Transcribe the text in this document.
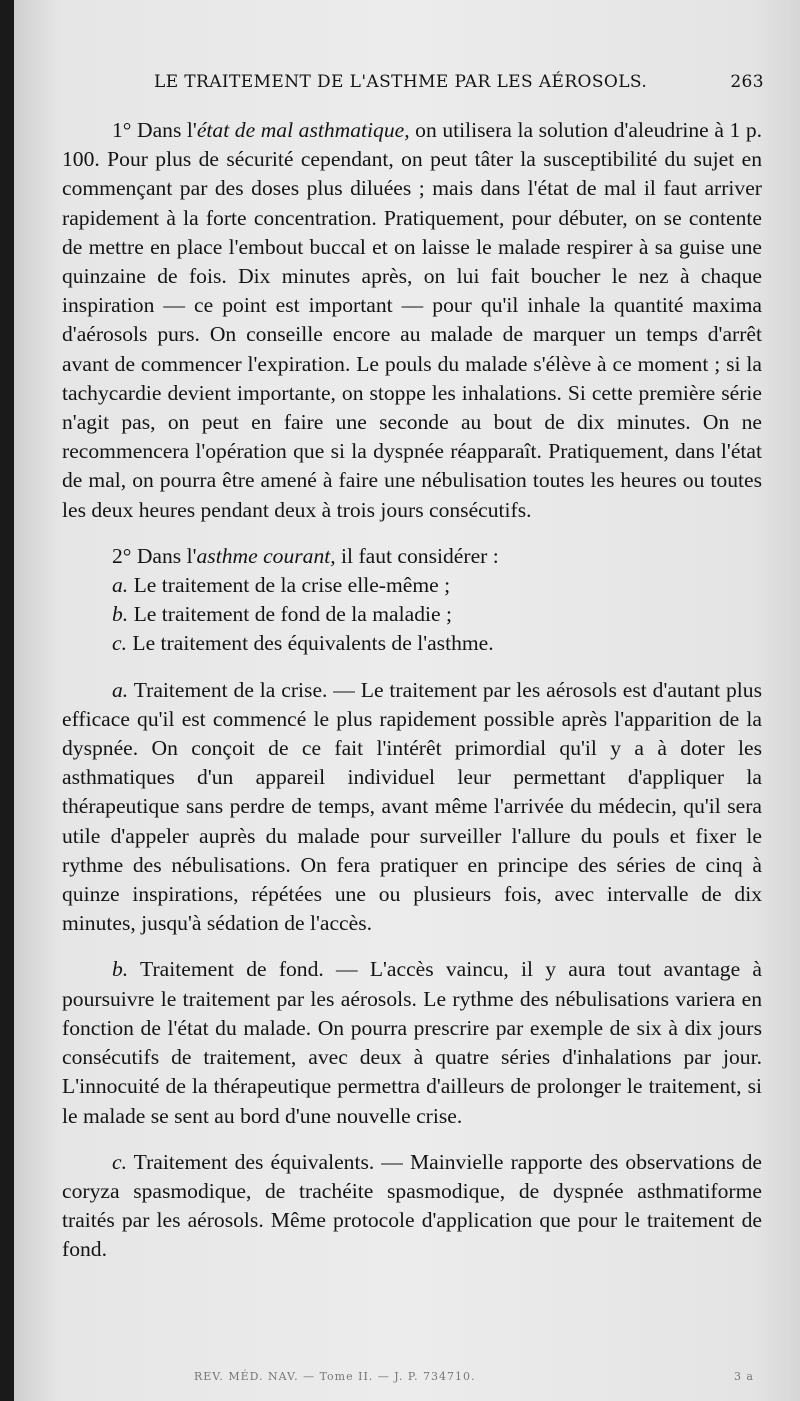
LE TRAITEMENT DE L'ASTHME PAR LES AÉROSOLS.	263

1° Dans l'état de mal asthmatique, on utilisera la solution d'aleudrine à 1 p. 100. Pour plus de sécurité cependant, on peut tâter la susceptibilité du sujet en commençant par des doses plus diluées ; mais dans l'état de mal il faut arriver rapidement à la forte concentration. Pratiquement, pour débuter, on se contente de mettre en place l'embout buccal et on laisse le malade respirer à sa guise une quinzaine de fois. Dix minutes après, on lui fait boucher le nez à chaque inspiration — ce point est important — pour qu'il inhale la quantité maxima d'aérosols purs. On conseille encore au malade de marquer un temps d'arrêt avant de commencer l'expiration. Le pouls du malade s'élève à ce moment ; si la tachycardie devient importante, on stoppe les inhalations. Si cette première série n'agit pas, on peut en faire une seconde au bout de dix minutes. On ne recommencera l'opération que si la dyspnée réapparaît. Pratiquement, dans l'état de mal, on pourra être amené à faire une nébulisation toutes les heures ou toutes les deux heures pendant deux à trois jours consécutifs.

2° Dans l'asthme courant, il faut considérer :

a. Le traitement de la crise elle-même ;

b. Le traitement de fond de la maladie ;

c. Le traitement des équivalents de l'asthme.

a. Traitement de la crise. — Le traitement par les aérosols est d'autant plus efficace qu'il est commencé le plus rapidement possible après l'apparition de la dyspnée. On conçoit de ce fait l'intérêt primordial qu'il y a à doter les asthmatiques d'un appareil individuel leur permettant d'appliquer la thérapeutique sans perdre de temps, avant même l'arrivée du médecin, qu'il sera utile d'appeler auprès du malade pour surveiller l'allure du pouls et fixer le rythme des nébulisations. On fera pratiquer en principe des séries de cinq à quinze inspirations, répétées une ou plusieurs fois, avec intervalle de dix minutes, jusqu'à sédation de l'accès.

b. Traitement de fond. — L'accès vaincu, il y aura tout avantage à poursuivre le traitement par les aérosols. Le rythme des nébulisations variera en fonction de l'état du malade. On pourra prescrire par exemple de six à dix jours consécutifs de traitement, avec deux à quatre séries d'inhalations par jour. L'innocuité de la thérapeutique permettra d'ailleurs de prolonger le traitement, si le malade se sent au bord d'une nouvelle crise.

c. Traitement des équivalents. — Mainvielle rapporte des observations de coryza spasmodique, de trachéite spasmodique, de dyspnée asthmatiforme traités par les aérosols. Même protocole d'application que pour le traitement de fond.

REV. MÉD. NAV. — Tome II. — J. P. 734710.	3 a
